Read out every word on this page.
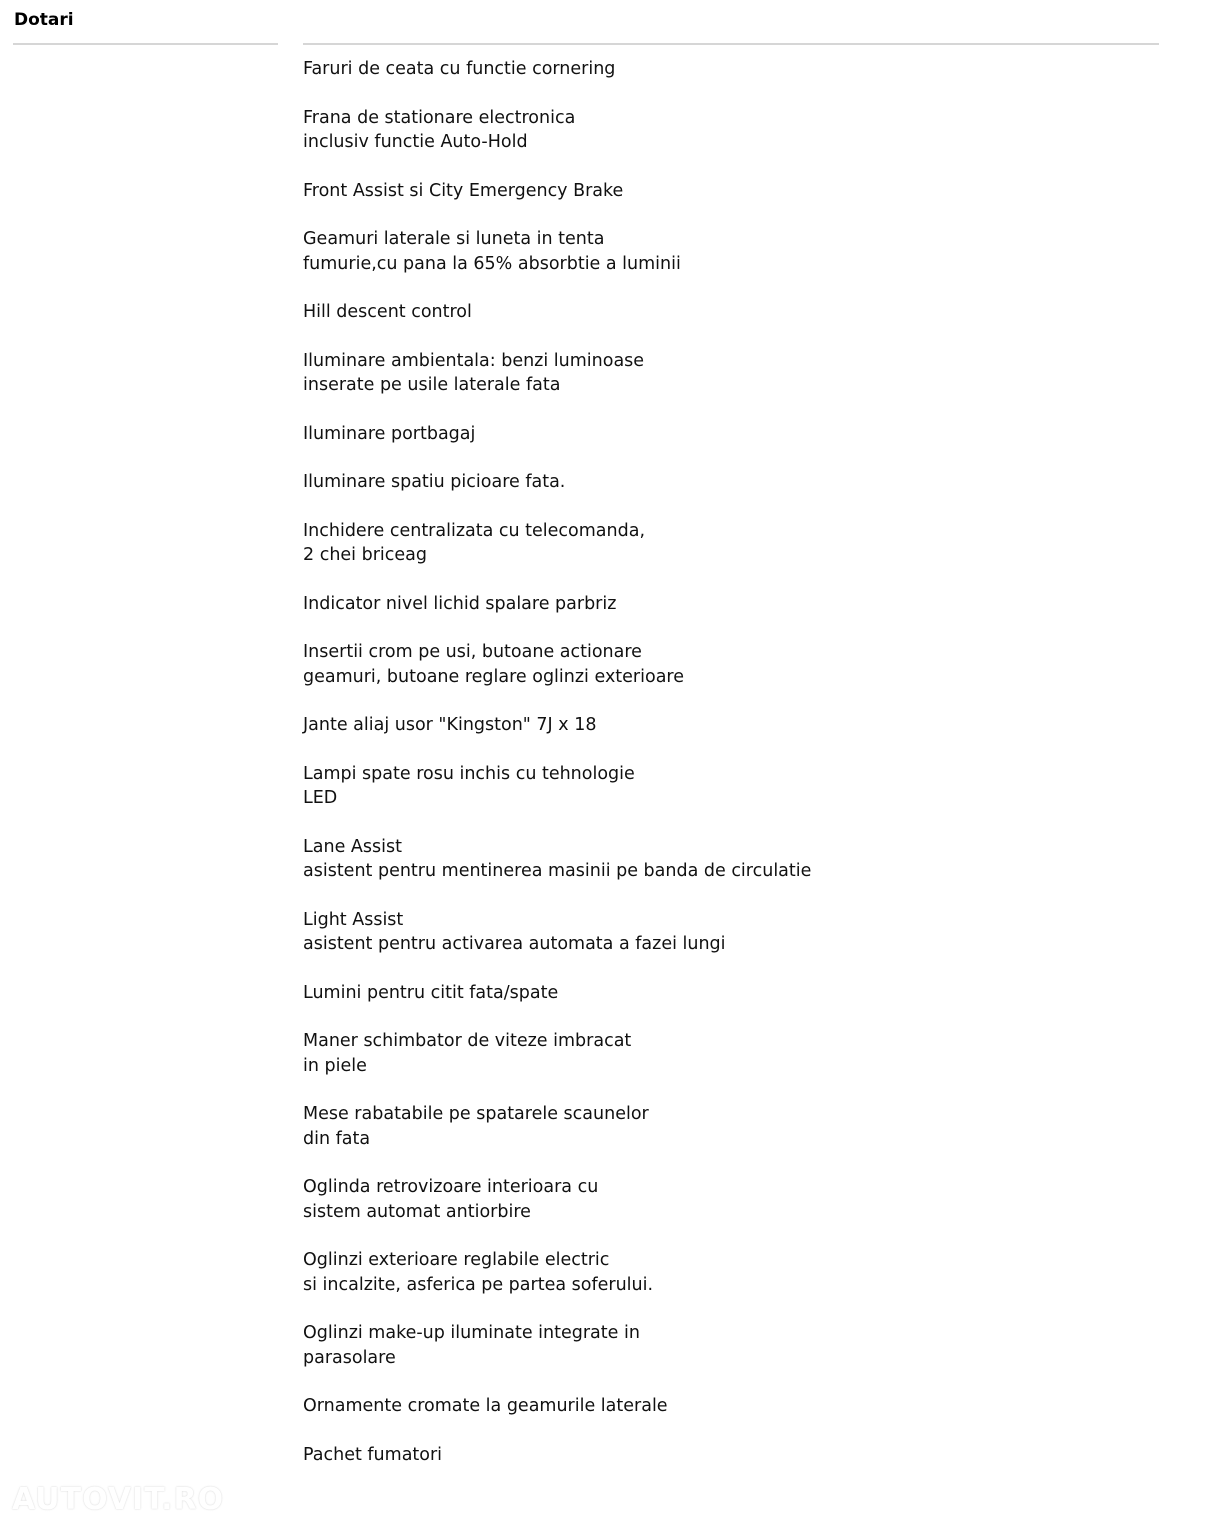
Dotari
Faruri de ceata cu functie cornering
Frana de stationare electronica
inclusiv functie Auto-Hold
Front Assist si City Emergency Brake
Geamuri laterale si luneta in tenta
fumurie,cu pana la 65% absorbtie a luminii
Hill descent control
Iluminare ambientala: benzi luminoase
inserate pe usile laterale fata
Iluminare portbagaj
Iluminare spatiu picioare fata.
Inchidere centralizata cu telecomanda,
2 chei briceag
Indicator nivel lichid spalare parbriz
Insertii crom pe usi, butoane actionare
geamuri, butoane reglare oglinzi exterioare
Jante aliaj usor "Kingston" 7J x 18
Lampi spate rosu inchis cu tehnologie
LED
Lane Assist
asistent pentru mentinerea masinii pe banda de circulatie
Light Assist
asistent pentru activarea automata a fazei lungi
Lumini pentru citit fata/spate
Maner schimbator de viteze imbracat
in piele
Mese rabatabile pe spatarele scaunelor
din fata
Oglinda retrovizoare interioara cu
sistem automat antiorbire
Oglinzi exterioare reglabile electric
si incalzite, asferica pe partea soferului.
Oglinzi make-up iluminate integrate in
parasolare
Ornamente cromate la geamurile laterale
Pachet fumatori
AUTOVIT.RO
